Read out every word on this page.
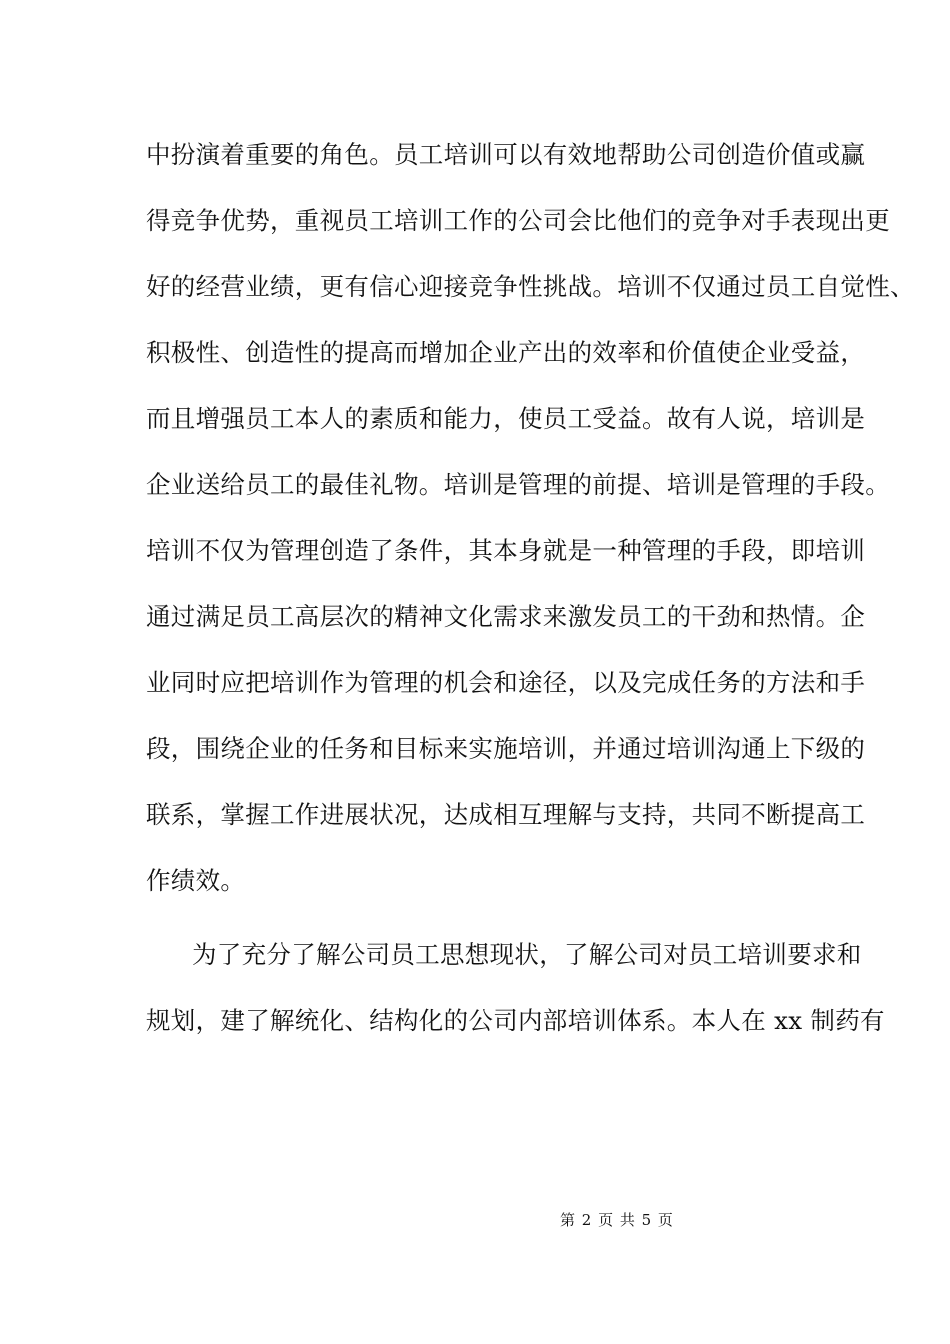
中扮演着重要的角色。员工培训可以有效地帮助公司创造价值或赢
得竞争优势，重视员工培训工作的公司会比他们的竞争对手表现出更
好的经营业绩，更有信心迎接竞争性挑战。培训不仅通过员工自觉性、
积极性、创造性的提高而增加企业产出的效率和价值使企业受益，
而且增强员工本人的素质和能力，使员工受益。故有人说，培训是
企业送给员工的最佳礼物。培训是管理的前提、培训是管理的手段。
培训不仅为管理创造了条件，其本身就是一种管理的手段，即培训
通过满足员工高层次的精神文化需求来激发员工的干劲和热情。企
业同时应把培训作为管理的机会和途径，以及完成任务的方法和手
段，围绕企业的任务和目标来实施培训，并通过培训沟通上下级的
联系，掌握工作进展状况，达成相互理解与支持，共同不断提高工
作绩效。
为了充分了解公司员工思想现状，了解公司对员工培训要求和
规划，建了解统化、结构化的公司内部培训体系。本人在 xx 制药有
第 2 页 共 5 页
